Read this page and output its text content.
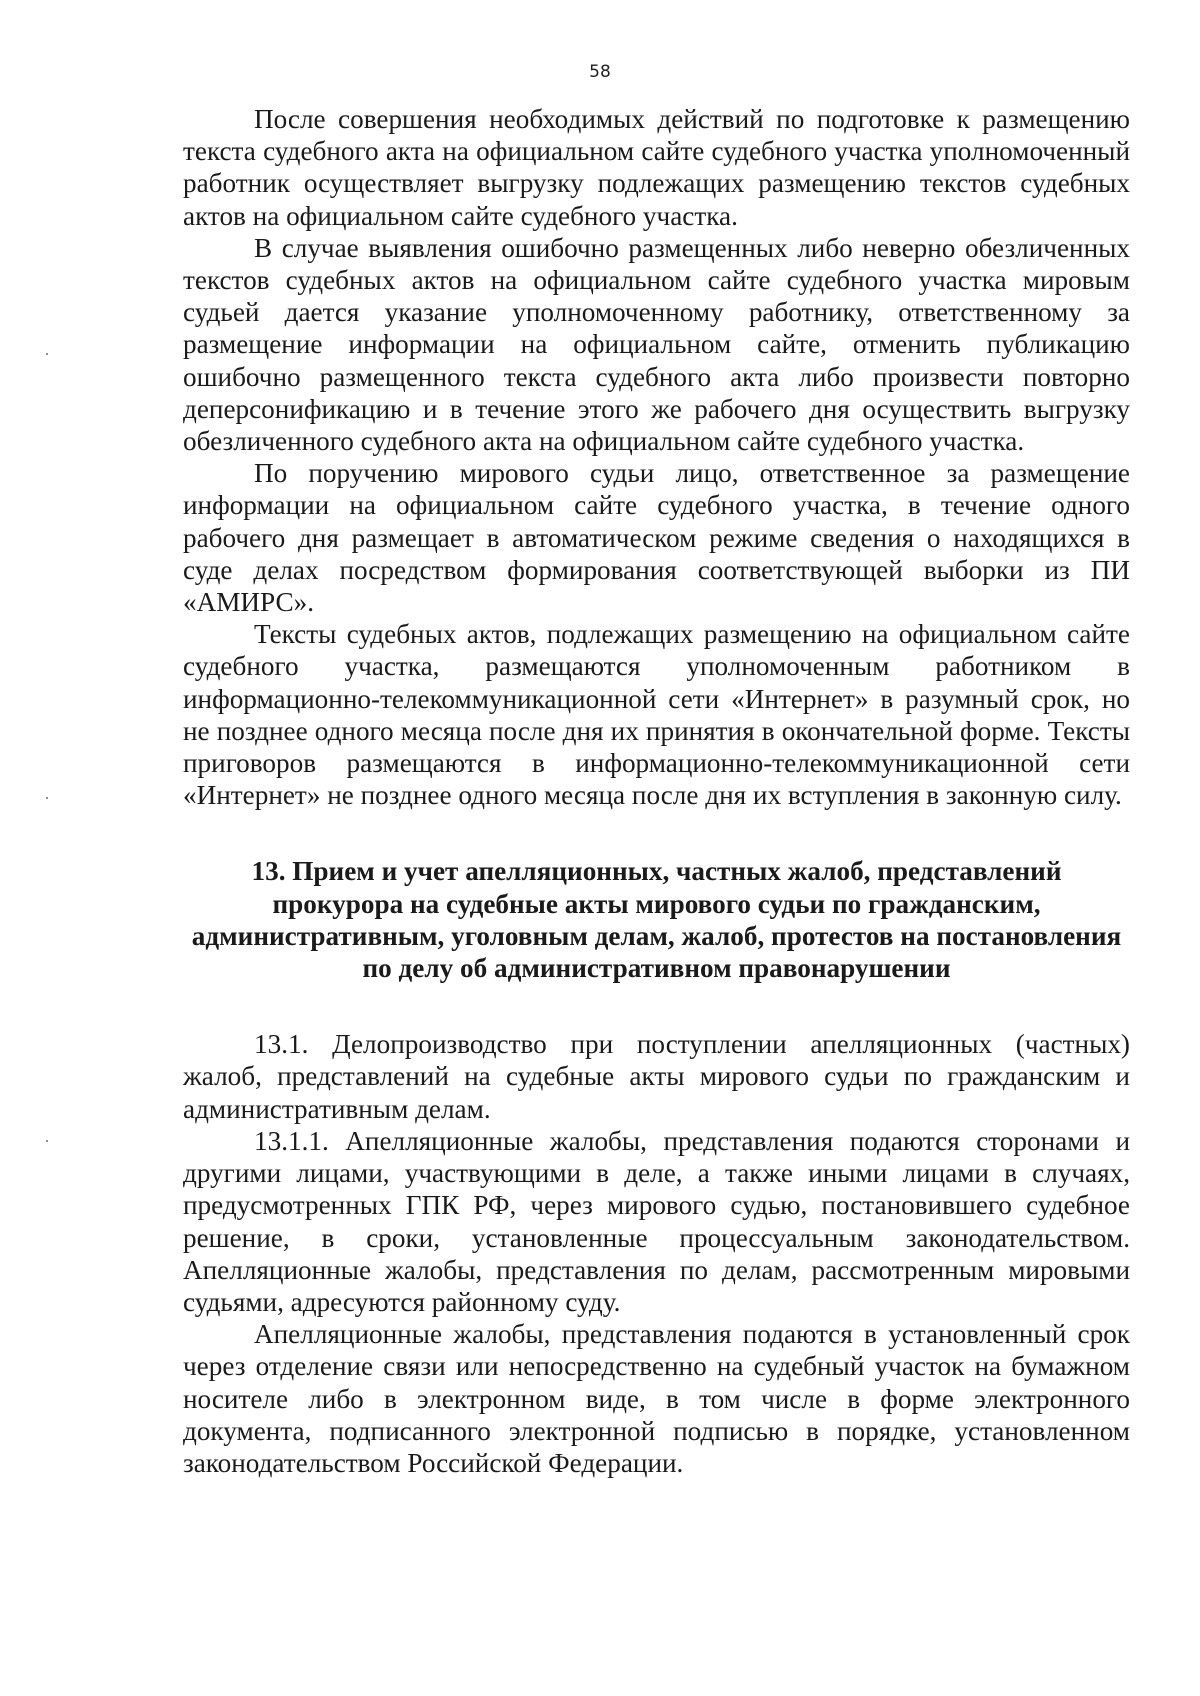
58

После совершения необходимых действий по подготовке к размещению текста судебного акта на официальном сайте судебного участка уполномоченный работник осуществляет выгрузку подлежащих размещению текстов судебных актов на официальном сайте судебного участка.

В случае выявления ошибочно размещенных либо неверно обезличенных текстов судебных актов на официальном сайте судебного участка мировым судьей дается указание уполномоченному работнику, ответственному за размещение информации на официальном сайте, отменить публикацию ошибочно размещенного текста судебного акта либо произвести повторно деперсонификацию и в течение этого же рабочего дня осуществить выгрузку обезличенного судебного акта на официальном сайте судебного участка.

По поручению мирового судьи лицо, ответственное за размещение информации на официальном сайте судебного участка, в течение одного рабочего дня размещает в автоматическом режиме сведения о находящихся в суде делах посредством формирования соответствующей выборки из ПИ «АМИРС».

Тексты судебных актов, подлежащих размещению на официальном сайте судебного участка, размещаются уполномоченным работником в информационно-телекоммуникационной сети «Интернет» в разумный срок, но не позднее одного месяца после дня их принятия в окончательной форме. Тексты приговоров размещаются в информационно-телекоммуникационной сети «Интернет» не позднее одного месяца после дня их вступления в законную силу.

13. Прием и учет апелляционных, частных жалоб, представлений прокурора на судебные акты мирового судьи по гражданским, административным, уголовным делам, жалоб, протестов на постановления по делу об административном правонарушении

13.1. Делопроизводство при поступлении апелляционных (частных) жалоб, представлений на судебные акты мирового судьи по гражданским и административным делам.

13.1.1. Апелляционные жалобы, представления подаются сторонами и другими лицами, участвующими в деле, а также иными лицами в случаях, предусмотренных ГПК РФ, через мирового судью, постановившего судебное решение, в сроки, установленные процессуальным законодательством. Апелляционные жалобы, представления по делам, рассмотренным мировыми судьями, адресуются районному суду.

Апелляционные жалобы, представления подаются в установленный срок через отделение связи или непосредственно на судебный участок на бумажном носителе либо в электронном виде, в том числе в форме электронного документа, подписанного электронной подписью в порядке, установленном законодательством Российской Федерации.
